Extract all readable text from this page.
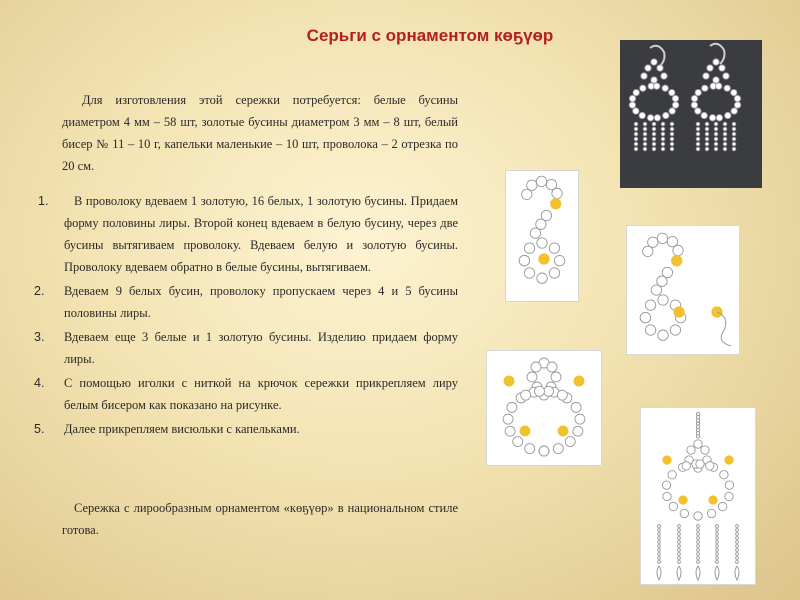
Серьги с орнаментом көҕүөр
Для изготовления этой сережки потребуется: белые бусины диаметром 4 мм – 58 шт, золотые бусины диаметром 3 мм – 8 шт, белый бисер № 11 – 10 г, капельки маленькие – 10 шт, проволока – 2 отрезка по 20 см.
1.	В проволоку вдеваем 1 золотую, 16 белых, 1 золотую бусины. Придаем форму половины лиры. Второй конец вдеваем в белую бусину, через две бусины вытягиваем проволоку. Вдеваем белую и золотую бусины. Проволоку вдеваем обратно в белые бусины, вытягиваем.
2. Вдеваем 9 белых бусин, проволоку пропускаем через 4 и 5 бусины половины лиры.
3. Вдеваем еще 3 белые и 1 золотую бусины. Изделию придаем форму лиры.
4. С помощью иголки с ниткой на крючок сережки прикрепляем лиру белым бисером как показано на рисунке.
5. Далее прикрепляем висюльки с капельками.
Сережка с лирообразным орнаментом «көҕүөр» в национальном стиле готова.
